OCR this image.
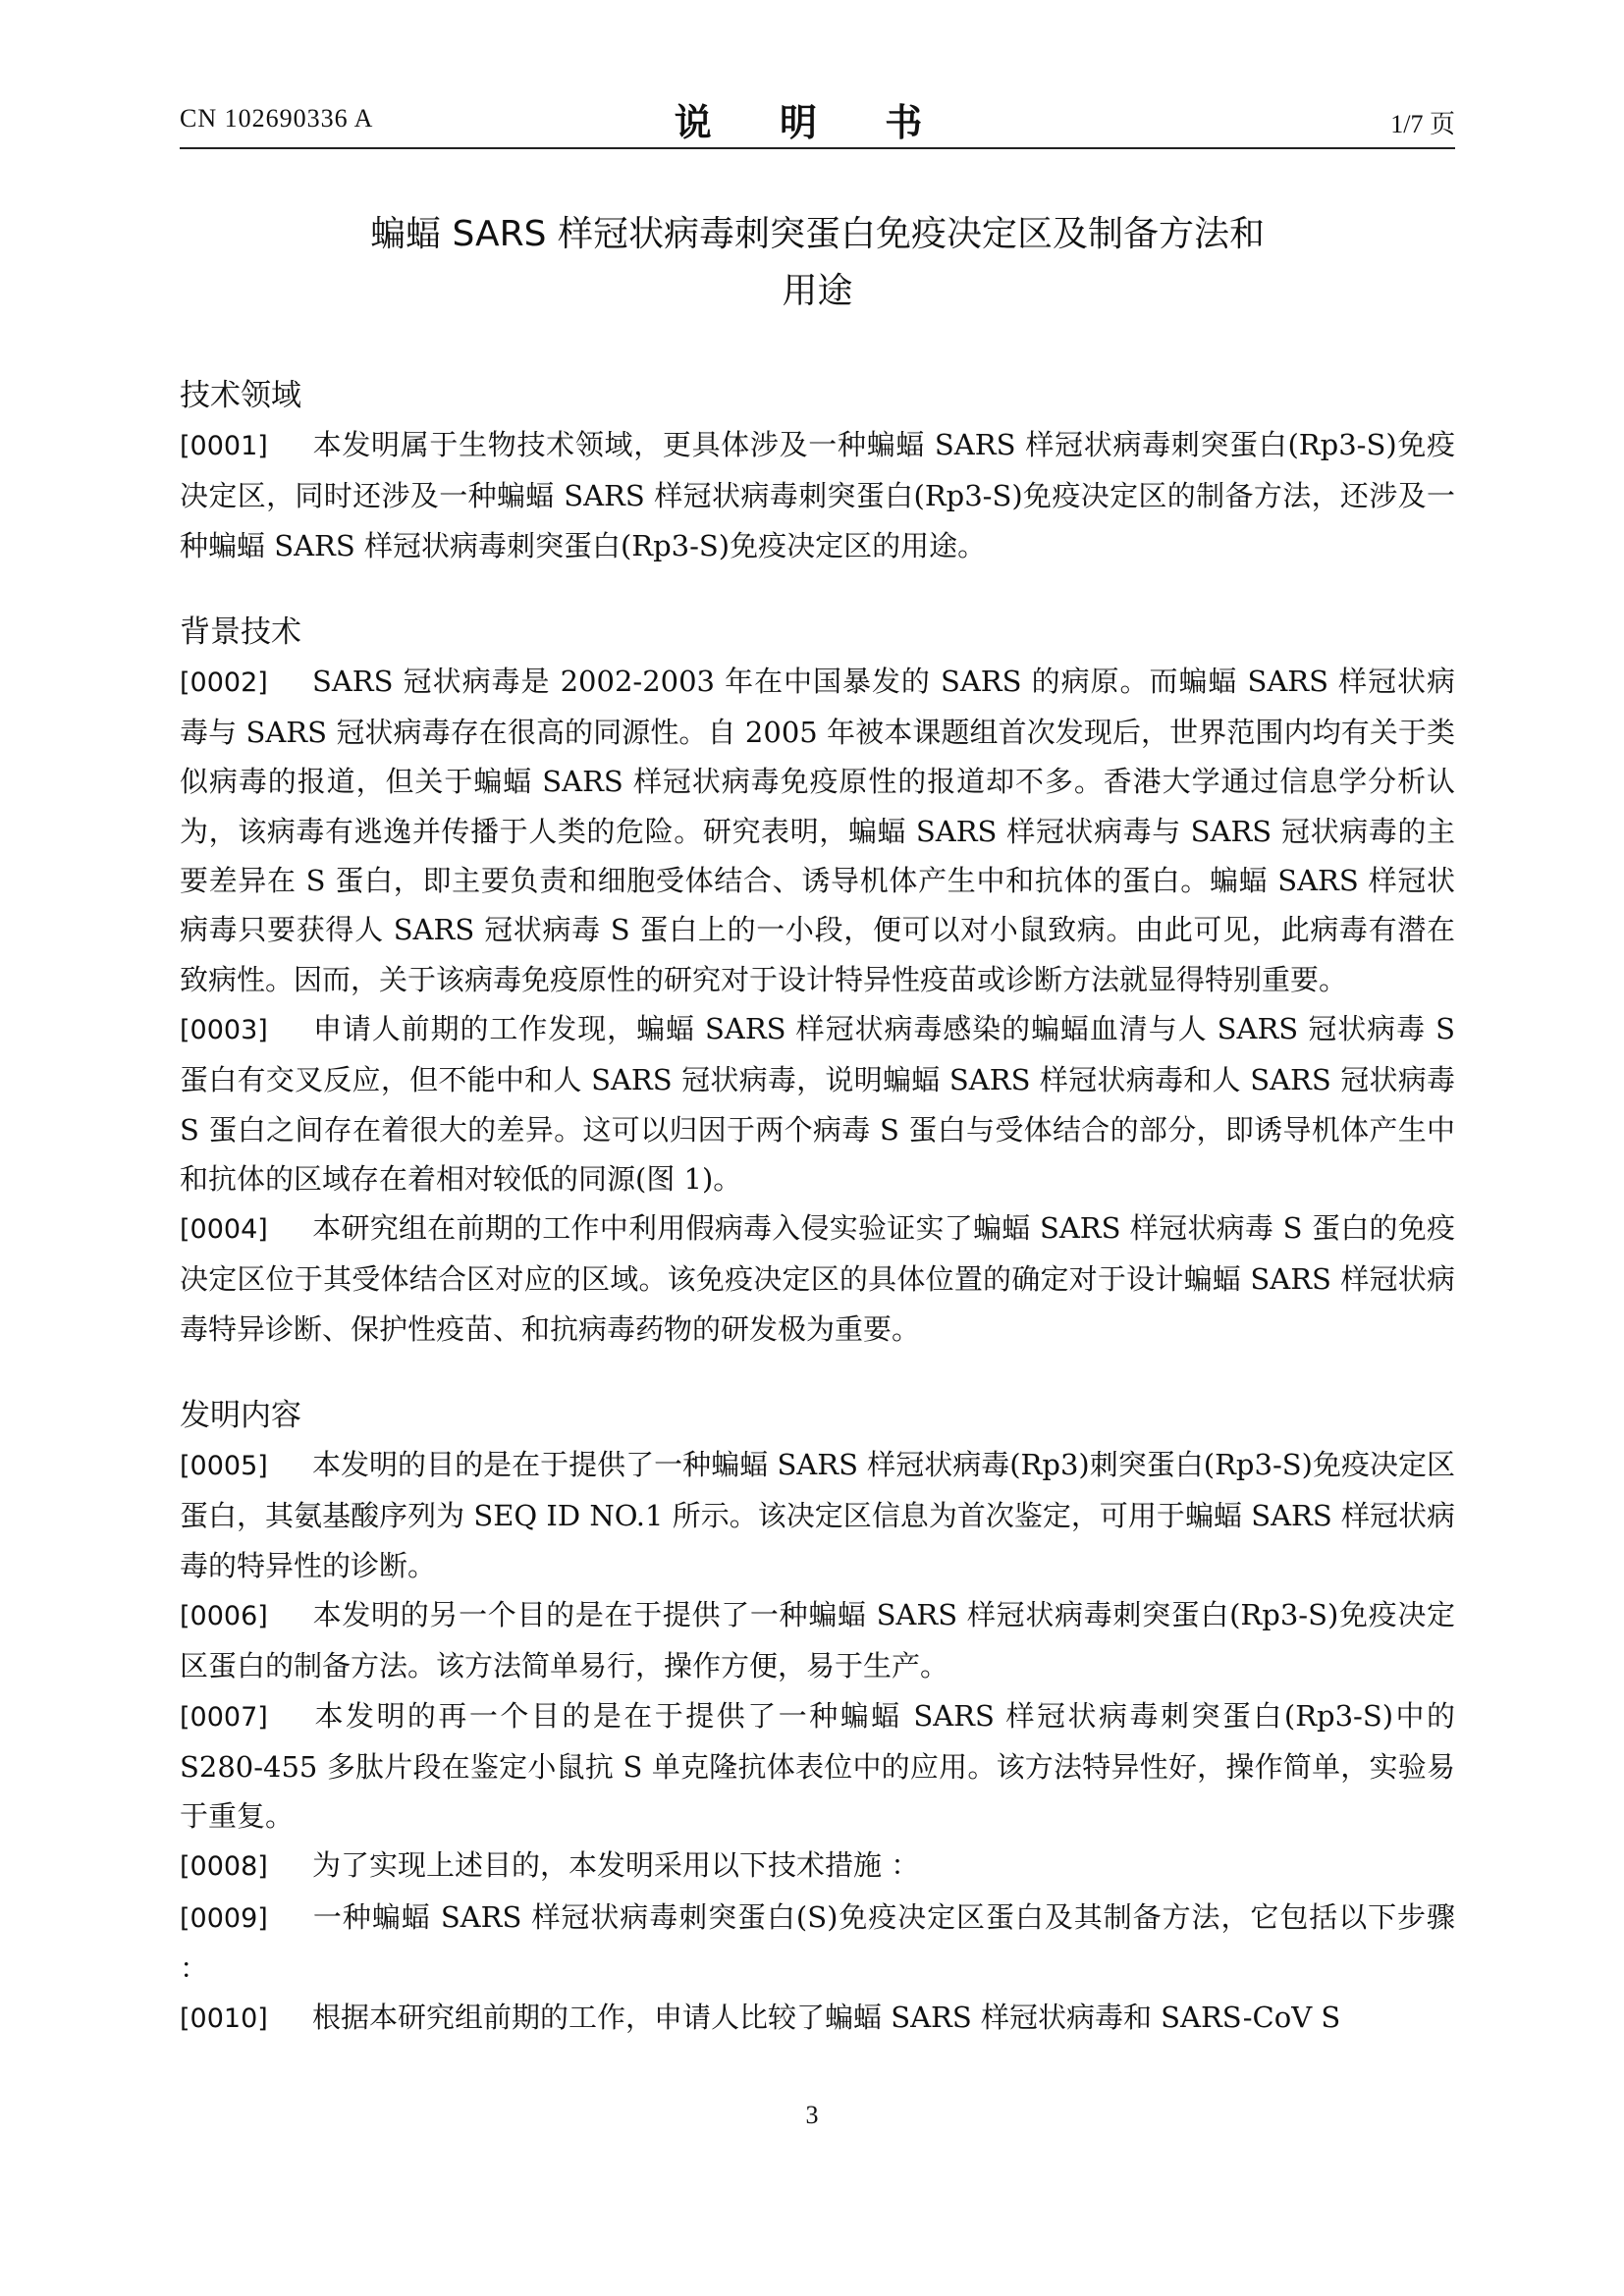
CN 102690336 A	说 明 书	1/7 页
蝙蝠 SARS 样冠状病毒刺突蛋白免疫决定区及制备方法和
用途

技术领域

[0001] 本发明属于生物技术领域，更具体涉及一种蝙蝠 SARS 样冠状病毒刺突蛋白(Rp3-S)免疫决定区，同时还涉及一种蝙蝠 SARS 样冠状病毒刺突蛋白(Rp3-S)免疫决定区的制备方法，还涉及一种蝙蝠 SARS 样冠状病毒刺突蛋白(Rp3-S)免疫决定区的用途。

背景技术

[0002] SARS 冠状病毒是 2002-2003 年在中国暴发的 SARS 的病原。而蝙蝠 SARS 样冠状病毒与 SARS 冠状病毒存在很高的同源性。自 2005 年被本课题组首次发现后，世界范围内均有关于类似病毒的报道，但关于蝙蝠 SARS 样冠状病毒免疫原性的报道却不多。香港大学通过信息学分析认为，该病毒有逃逸并传播于人类的危险。研究表明，蝙蝠 SARS 样冠状病毒与 SARS 冠状病毒的主要差异在 S 蛋白，即主要负责和细胞受体结合、诱导机体产生中和抗体的蛋白。蝙蝠 SARS 样冠状病毒只要获得人 SARS 冠状病毒 S 蛋白上的一小段，便可以对小鼠致病。由此可见，此病毒有潜在致病性。因而，关于该病毒免疫原性的研究对于设计特异性疫苗或诊断方法就显得特别重要。

[0003] 申请人前期的工作发现，蝙蝠 SARS 样冠状病毒感染的蝙蝠血清与人 SARS 冠状病毒 S 蛋白有交叉反应，但不能中和人 SARS 冠状病毒，说明蝙蝠 SARS 样冠状病毒和人 SARS 冠状病毒 S 蛋白之间存在着很大的差异。这可以归因于两个病毒 S 蛋白与受体结合的部分，即诱导机体产生中和抗体的区域存在着相对较低的同源(图 1)。

[0004] 本研究组在前期的工作中利用假病毒入侵实验证实了蝙蝠 SARS 样冠状病毒 S 蛋白的免疫决定区位于其受体结合区对应的区域。该免疫决定区的具体位置的确定对于设计蝙蝠 SARS 样冠状病毒特异诊断、保护性疫苗、和抗病毒药物的研发极为重要。

发明内容

[0005] 本发明的目的是在于提供了一种蝙蝠 SARS 样冠状病毒(Rp3)刺突蛋白(Rp3-S)免疫决定区蛋白，其氨基酸序列为 SEQ ID NO.1 所示。该决定区信息为首次鉴定，可用于蝙蝠 SARS 样冠状病毒的特异性的诊断。

[0006] 本发明的另一个目的是在于提供了一种蝙蝠 SARS 样冠状病毒刺突蛋白(Rp3-S)免疫决定区蛋白的制备方法。该方法简单易行，操作方便，易于生产。

[0007] 本发明的再一个目的是在于提供了一种蝙蝠 SARS 样冠状病毒刺突蛋白(Rp3-S)中的 S280-455 多肽片段在鉴定小鼠抗 S 单克隆抗体表位中的应用。该方法特异性好，操作简单，实验易于重复。

[0008] 为了实现上述目的，本发明采用以下技术措施 ：

[0009] 一种蝙蝠 SARS 样冠状病毒刺突蛋白(S)免疫决定区蛋白及其制备方法，它包括以下步骤 ：

[0010] 根据本研究组前期的工作，申请人比较了蝙蝠 SARS 样冠状病毒和 SARS-CoV S

3
